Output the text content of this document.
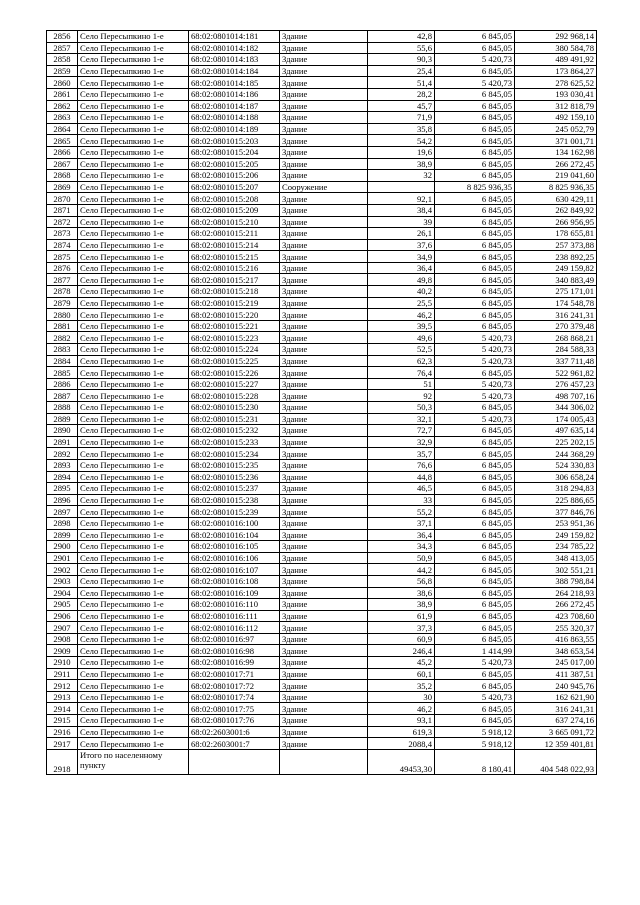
2856	Село Пересыпкино 1-е	68:02:0801014:181	Здание	42,8	6 845,05	292 968,14
2857	Село Пересыпкино 1-е	68:02:0801014:182	Здание	55,6	6 845,05	380 584,78
2858	Село Пересыпкино 1-е	68:02:0801014:183	Здание	90,3	5 420,73	489 491,92
2859	Село Пересыпкино 1-е	68:02:0801014:184	Здание	25,4	6 845,05	173 864,27
2860	Село Пересыпкино 1-е	68:02:0801014:185	Здание	51,4	5 420,73	278 625,52
2861	Село Пересыпкино 1-е	68:02:0801014:186	Здание	28,2	6 845,05	193 030,41
2862	Село Пересыпкино 1-е	68:02:0801014:187	Здание	45,7	6 845,05	312 818,79
2863	Село Пересыпкино 1-е	68:02:0801014:188	Здание	71,9	6 845,05	492 159,10
2864	Село Пересыпкино 1-е	68:02:0801014:189	Здание	35,8	6 845,05	245 052,79
2865	Село Пересыпкино 1-е	68:02:0801015:203	Здание	54,2	6 845,05	371 001,71
2866	Село Пересыпкино 1-е	68:02:0801015:204	Здание	19,6	6 845,05	134 162,98
2867	Село Пересыпкино 1-е	68:02:0801015:205	Здание	38,9	6 845,05	266 272,45
2868	Село Пересыпкино 1-е	68:02:0801015:206	Здание	32	6 845,05	219 041,60
2869	Село Пересыпкино 1-е	68:02:0801015:207	Сооружение		8 825 936,35	8 825 936,35
2870	Село Пересыпкино 1-е	68:02:0801015:208	Здание	92,1	6 845,05	630 429,11
2871	Село Пересыпкино 1-е	68:02:0801015:209	Здание	38,4	6 845,05	262 849,92
2872	Село Пересыпкино 1-е	68:02:0801015:210	Здание	39	6 845,05	266 956,95
2873	Село Пересыпкино 1-е	68:02:0801015:211	Здание	26,1	6 845,05	178 655,81
2874	Село Пересыпкино 1-е	68:02:0801015:214	Здание	37,6	6 845,05	257 373,88
2875	Село Пересыпкино 1-е	68:02:0801015:215	Здание	34,9	6 845,05	238 892,25
2876	Село Пересыпкино 1-е	68:02:0801015:216	Здание	36,4	6 845,05	249 159,82
2877	Село Пересыпкино 1-е	68:02:0801015:217	Здание	49,8	6 845,05	340 883,49
2878	Село Пересыпкино 1-е	68:02:0801015:218	Здание	40,2	6 845,05	275 171,01
2879	Село Пересыпкино 1-е	68:02:0801015:219	Здание	25,5	6 845,05	174 548,78
2880	Село Пересыпкино 1-е	68:02:0801015:220	Здание	46,2	6 845,05	316 241,31
2881	Село Пересыпкино 1-е	68:02:0801015:221	Здание	39,5	6 845,05	270 379,48
2882	Село Пересыпкино 1-е	68:02:0801015:223	Здание	49,6	5 420,73	268 868,21
2883	Село Пересыпкино 1-е	68:02:0801015:224	Здание	52,5	5 420,73	284 588,33
2884	Село Пересыпкино 1-е	68:02:0801015:225	Здание	62,3	5 420,73	337 711,48
2885	Село Пересыпкино 1-е	68:02:0801015:226	Здание	76,4	6 845,05	522 961,82
2886	Село Пересыпкино 1-е	68:02:0801015:227	Здание	51	5 420,73	276 457,23
2887	Село Пересыпкино 1-е	68:02:0801015:228	Здание	92	5 420,73	498 707,16
2888	Село Пересыпкино 1-е	68:02:0801015:230	Здание	50,3	6 845,05	344 306,02
2889	Село Пересыпкино 1-е	68:02:0801015:231	Здание	32,1	5 420,73	174 005,43
2890	Село Пересыпкино 1-е	68:02:0801015:232	Здание	72,7	6 845,05	497 635,14
2891	Село Пересыпкино 1-е	68:02:0801015:233	Здание	32,9	6 845,05	225 202,15
2892	Село Пересыпкино 1-е	68:02:0801015:234	Здание	35,7	6 845,05	244 368,29
2893	Село Пересыпкино 1-е	68:02:0801015:235	Здание	76,6	6 845,05	524 330,83
2894	Село Пересыпкино 1-е	68:02:0801015:236	Здание	44,8	6 845,05	306 658,24
2895	Село Пересыпкино 1-е	68:02:0801015:237	Здание	46,5	6 845,05	318 294,83
2896	Село Пересыпкино 1-е	68:02:0801015:238	Здание	33	6 845,05	225 886,65
2897	Село Пересыпкино 1-е	68:02:0801015:239	Здание	55,2	6 845,05	377 846,76
2898	Село Пересыпкино 1-е	68:02:0801016:100	Здание	37,1	6 845,05	253 951,36
2899	Село Пересыпкино 1-е	68:02:0801016:104	Здание	36,4	6 845,05	249 159,82
2900	Село Пересыпкино 1-е	68:02:0801016:105	Здание	34,3	6 845,05	234 785,22
2901	Село Пересыпкино 1-е	68:02:0801016:106	Здание	50,9	6 845,05	348 413,05
2902	Село Пересыпкино 1-е	68:02:0801016:107	Здание	44,2	6 845,05	302 551,21
2903	Село Пересыпкино 1-е	68:02:0801016:108	Здание	56,8	6 845,05	388 798,84
2904	Село Пересыпкино 1-е	68:02:0801016:109	Здание	38,6	6 845,05	264 218,93
2905	Село Пересыпкино 1-е	68:02:0801016:110	Здание	38,9	6 845,05	266 272,45
2906	Село Пересыпкино 1-е	68:02:0801016:111	Здание	61,9	6 845,05	423 708,60
2907	Село Пересыпкино 1-е	68:02:0801016:112	Здание	37,3	6 845,05	255 320,37
2908	Село Пересыпкино 1-е	68:02:0801016:97	Здание	60,9	6 845,05	416 863,55
2909	Село Пересыпкино 1-е	68:02:0801016:98	Здание	246,4	1 414,99	348 653,54
2910	Село Пересыпкино 1-е	68:02:0801016:99	Здание	45,2	5 420,73	245 017,00
2911	Село Пересыпкино 1-е	68:02:0801017:71	Здание	60,1	6 845,05	411 387,51
2912	Село Пересыпкино 1-е	68:02:0801017:72	Здание	35,2	6 845,05	240 945,76
2913	Село Пересыпкино 1-е	68:02:0801017:74	Здание	30	5 420,73	162 621,90
2914	Село Пересыпкино 1-е	68:02:0801017:75	Здание	46,2	6 845,05	316 241,31
2915	Село Пересыпкино 1-е	68:02:0801017:76	Здание	93,1	6 845,05	637 274,16
2916	Село Пересыпкино 1-е	68:02:2603001:6	Здание	619,3	5 918,12	3 665 091,72
2917	Село Пересыпкино 1-е	68:02:2603001:7	Здание	2088,4	5 918,12	12 359 401,81
2918	Итого по населенному пункту			49453,30	8 180,41	404 548 022,93
